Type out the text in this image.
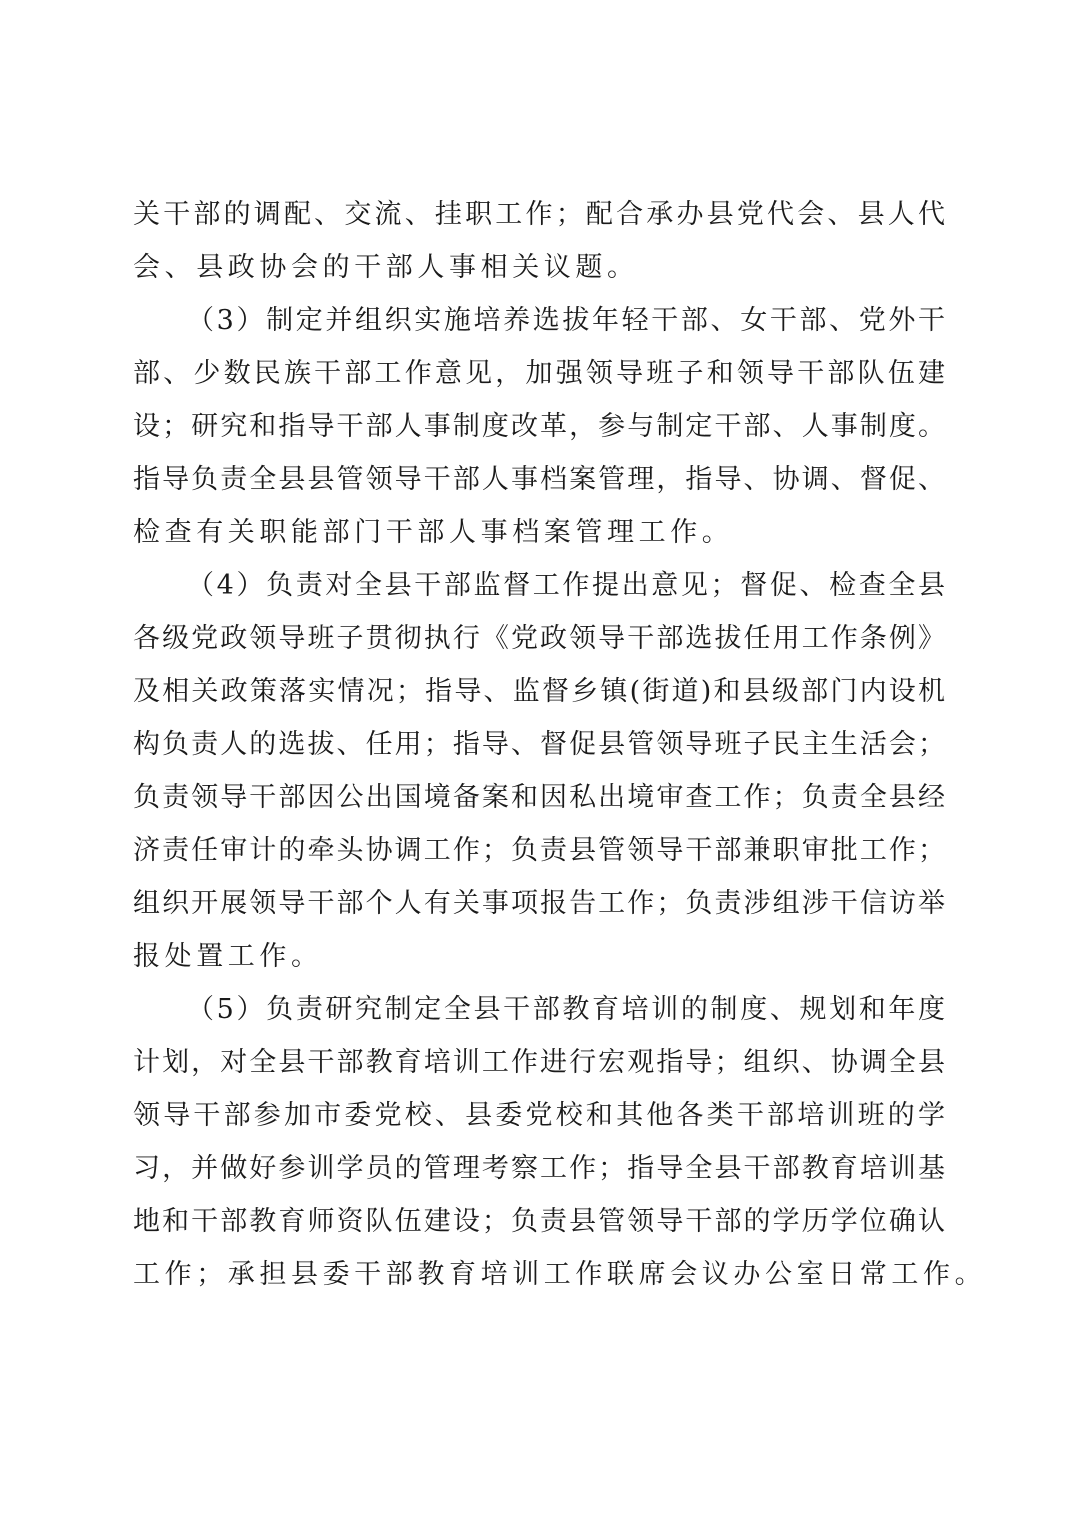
关干部的调配、交流、挂职工作；配合承办县党代会、县人代
会、县政协会的干部人事相关议题。
（3）制定并组织实施培养选拔年轻干部、女干部、党外干
部、少数民族干部工作意见，加强领导班子和领导干部队伍建
设；研究和指导干部人事制度改革，参与制定干部、人事制度。
指导负责全县县管领导干部人事档案管理，指导、协调、督促、
检查有关职能部门干部人事档案管理工作。
（4）负责对全县干部监督工作提出意见；督促、检查全县
各级党政领导班子贯彻执行《党政领导干部选拔任用工作条例》
及相关政策落实情况；指导、监督乡镇(街道)和县级部门内设机
构负责人的选拔、任用；指导、督促县管领导班子民主生活会；
负责领导干部因公出国境备案和因私出境审查工作；负责全县经
济责任审计的牵头协调工作；负责县管领导干部兼职审批工作；
组织开展领导干部个人有关事项报告工作；负责涉组涉干信访举
报处置工作。
（5）负责研究制定全县干部教育培训的制度、规划和年度
计划，对全县干部教育培训工作进行宏观指导；组织、协调全县
领导干部参加市委党校、县委党校和其他各类干部培训班的学
习，并做好参训学员的管理考察工作；指导全县干部教育培训基
地和干部教育师资队伍建设；负责县管领导干部的学历学位确认
工作；承担县委干部教育培训工作联席会议办公室日常工作。
